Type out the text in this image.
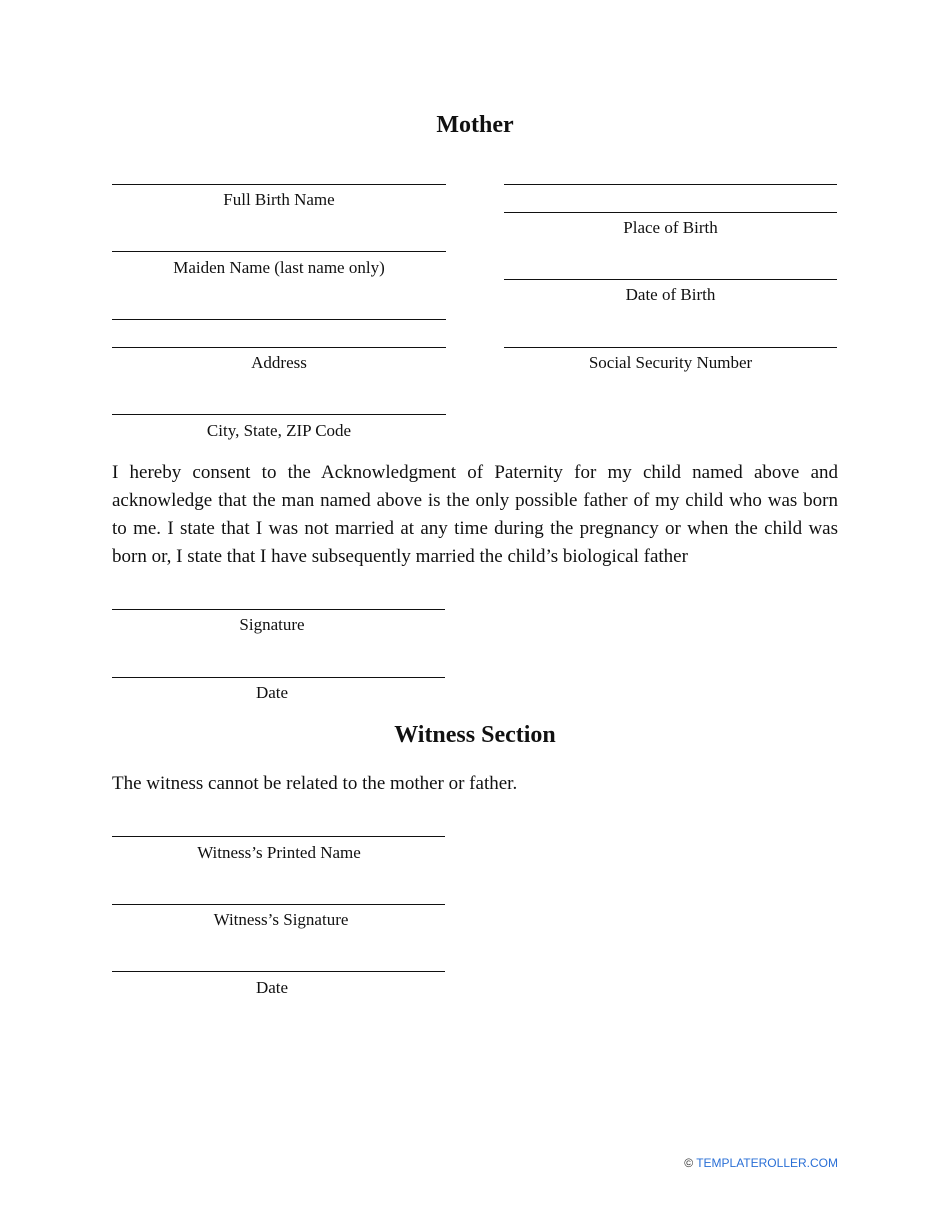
Mother
Full Birth Name
Maiden Name (last name only)
Address
City, State, ZIP Code
Place of Birth
Date of Birth
Social Security Number
I hereby consent to the Acknowledgment of Paternity for my child named above and acknowledge that the man named above is the only possible father of my child who was born to me. I state that I was not married at any time during the pregnancy or when the child was born or, I state that I have subsequently married the child’s biological father
Signature
Date
Witness Section
The witness cannot be related to the mother or father.
Witness’s Printed Name
Witness’s Signature
Date
© TEMPLATEROLLER.COM
